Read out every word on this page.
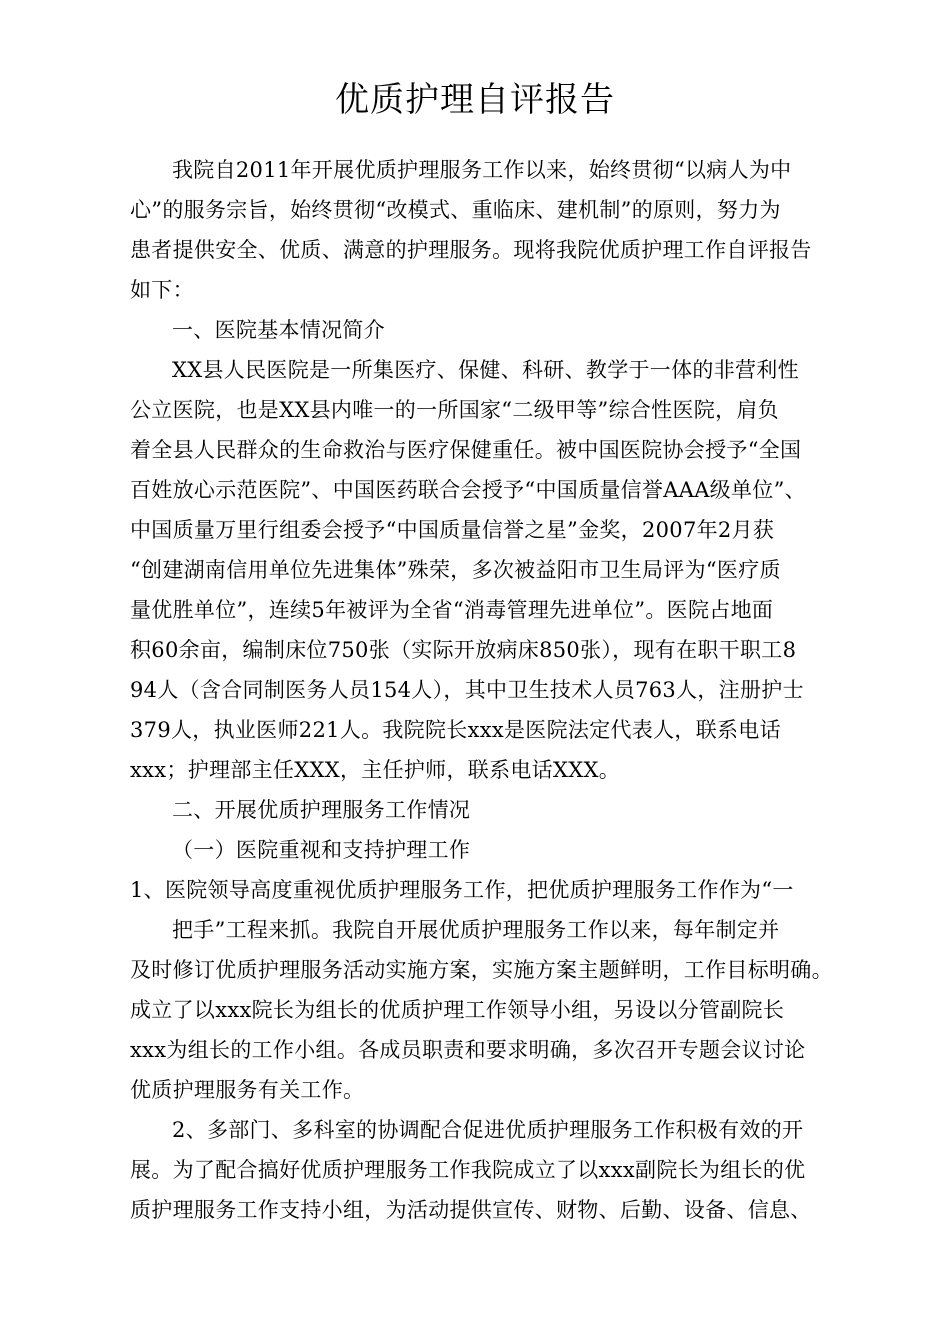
优质护理自评报告
我院自2011年开展优质护理服务工作以来，始终贯彻“以病人为中
心”的服务宗旨，始终贯彻“改模式、重临床、建机制”的原则，努力为
患者提供安全、优质、满意的护理服务。现将我院优质护理工作自评报告
如下：
一、医院基本情况简介
XX县人民医院是一所集医疗、保健、科研、教学于一体的非营利性
公立医院，也是XX县内唯一的一所国家“二级甲等”综合性医院，肩负
着全县人民群众的生命救治与医疗保健重任。被中国医院协会授予“全国
百姓放心示范医院”、中国医药联合会授予“中国质量信誉AAA级单位”、
中国质量万里行组委会授予“中国质量信誉之星”金奖，2007年2月获
“创建湖南信用单位先进集体”殊荣，多次被益阳市卫生局评为“医疗质
量优胜单位”，连续5年被评为全省“消毒管理先进单位”。医院占地面
积60余亩，编制床位750张（实际开放病床850张），现有在职干职工8
94人（含合同制医务人员154人），其中卫生技术人员763人，注册护士
379人，执业医师221人。我院院长xxx是医院法定代表人，联系电话
xxx；护理部主任XXX，主任护师，联系电话XXX。
二、开展优质护理服务工作情况
（一）医院重视和支持护理工作
1、医院领导高度重视优质护理服务工作，把优质护理服务工作作为“一
把手”工程来抓。我院自开展优质护理服务工作以来，每年制定并
及时修订优质护理服务活动实施方案，实施方案主题鲜明，工作目标明确。
成立了以xxx院长为组长的优质护理工作领导小组，另设以分管副院长
xxx为组长的工作小组。各成员职责和要求明确，多次召开专题会议讨论
优质护理服务有关工作。
2、多部门、多科室的协调配合促进优质护理服务工作积极有效的开
展。为了配合搞好优质护理服务工作我院成立了以xxx副院长为组长的优
质护理服务工作支持小组，为活动提供宣传、财物、后勤、设备、信息、
